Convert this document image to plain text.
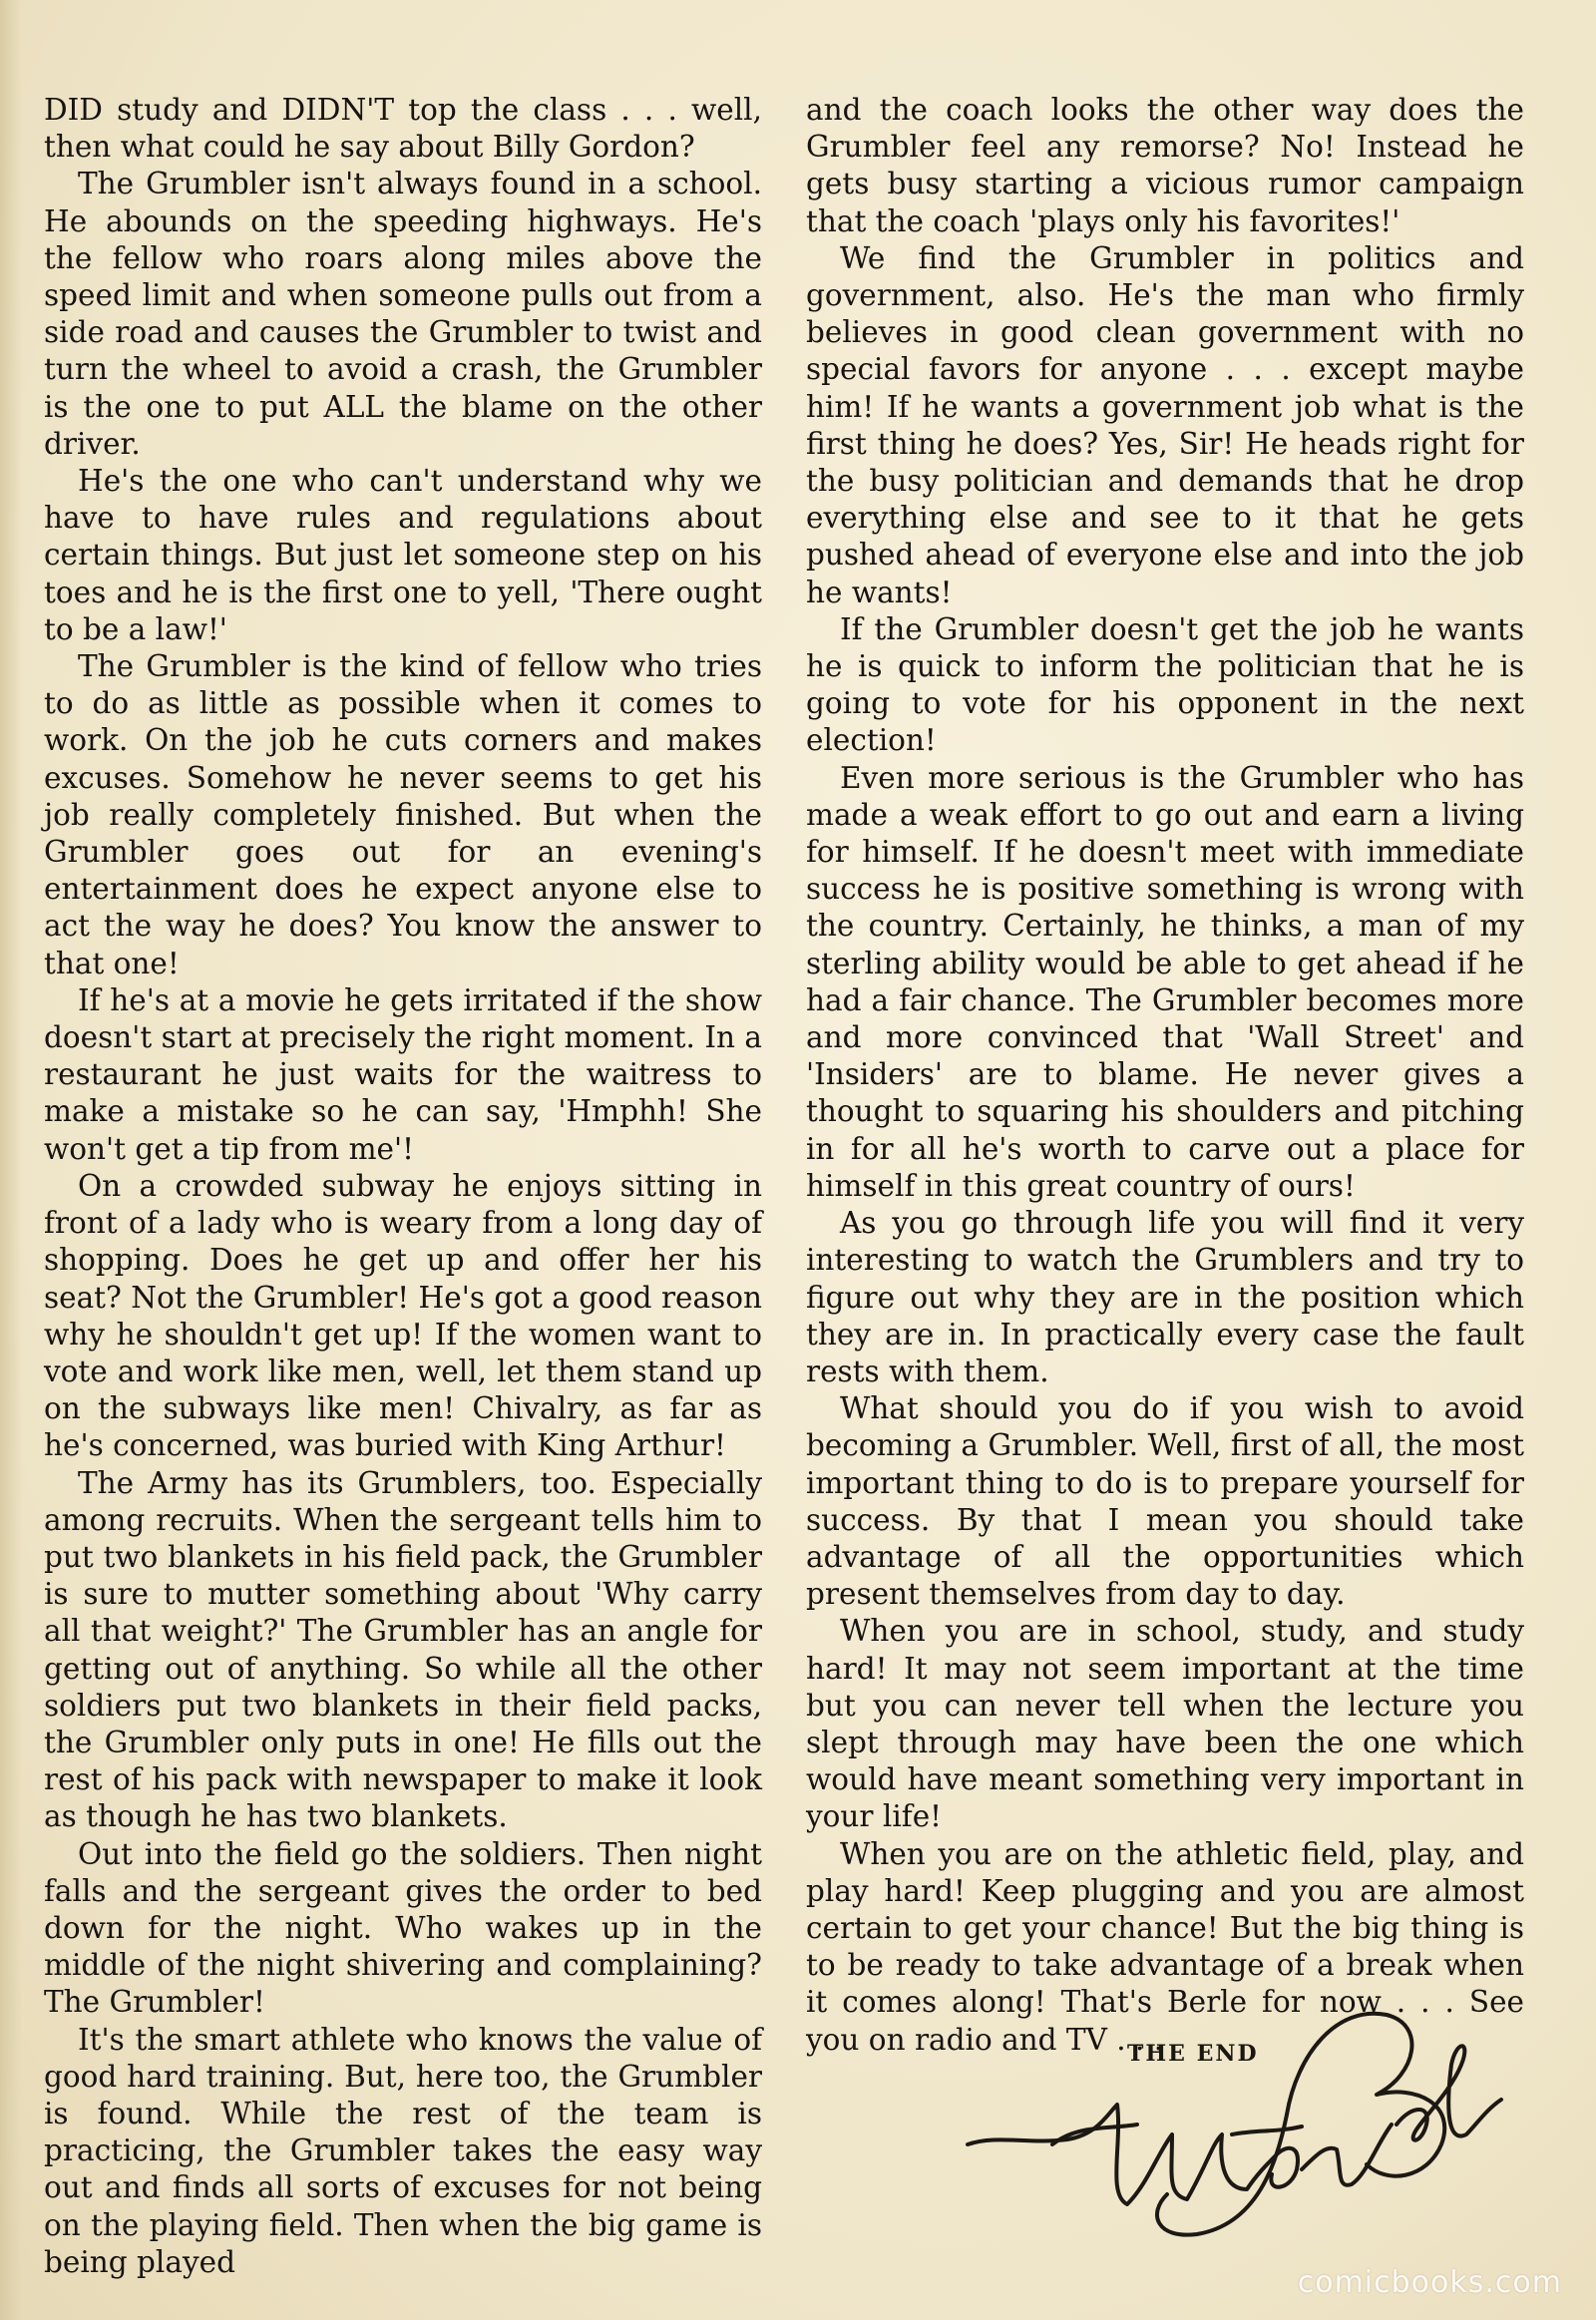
DID study and DIDN'T top the class . . . well, then what could he say about Billy Gordon?

The Grumbler isn't always found in a school. He abounds on the speeding highways. He's the fellow who roars along miles above the speed limit and when someone pulls out from a side road and causes the Grumbler to twist and turn the wheel to avoid a crash, the Grumbler is the one to put ALL the blame on the other driver.

He's the one who can't understand why we have to have rules and regulations about certain things. But just let someone step on his toes and he is the first one to yell, 'There ought to be a law!'

The Grumbler is the kind of fellow who tries to do as little as possible when it comes to work. On the job he cuts corners and makes excuses. Somehow he never seems to get his job really completely finished. But when the Grumbler goes out for an evening's entertainment does he expect anyone else to act the way he does? You know the answer to that one!

If he's at a movie he gets irritated if the show doesn't start at precisely the right moment. In a restaurant he just waits for the waitress to make a mistake so he can say, 'Hmphh! She won't get a tip from me'!

On a crowded subway he enjoys sitting in front of a lady who is weary from a long day of shopping. Does he get up and offer her his seat? Not the Grumbler! He's got a good reason why he shouldn't get up! If the women want to vote and work like men, well, let them stand up on the subways like men! Chivalry, as far as he's concerned, was buried with King Arthur!

The Army has its Grumblers, too. Especially among recruits. When the sergeant tells him to put two blankets in his field pack, the Grumbler is sure to mutter something about 'Why carry all that weight?' The Grumbler has an angle for getting out of anything. So while all the other soldiers put two blankets in their field packs, the Grumbler only puts in one! He fills out the rest of his pack with newspaper to make it look as though he has two blankets.

Out into the field go the soldiers. Then night falls and the sergeant gives the order to bed down for the night. Who wakes up in the middle of the night shivering and complaining? The Grumbler!

It's the smart athlete who knows the value of good hard training. But, here too, the Grumbler is found. While the rest of the team is practicing, the Grumbler takes the easy way out and finds all sorts of excuses for not being on the playing field. Then when the big game is being played

and the coach looks the other way does the Grumbler feel any remorse? No! Instead he gets busy starting a vicious rumor campaign that the coach 'plays only his favorites!'

We find the Grumbler in politics and government, also. He's the man who firmly believes in good clean government with no special favors for anyone . . . except maybe him! If he wants a government job what is the first thing he does? Yes, Sir! He heads right for the busy politician and demands that he drop everything else and see to it that he gets pushed ahead of everyone else and into the job he wants!

If the Grumbler doesn't get the job he wants he is quick to inform the politician that he is going to vote for his opponent in the next election!

Even more serious is the Grumbler who has made a weak effort to go out and earn a living for himself. If he doesn't meet with immediate success he is positive something is wrong with the country. Certainly, he thinks, a man of my sterling ability would be able to get ahead if he had a fair chance. The Grumbler becomes more and more convinced that 'Wall Street' and 'Insiders' are to blame. He never gives a thought to squaring his shoulders and pitching in for all he's worth to carve out a place for himself in this great country of ours!

As you go through life you will find it very interesting to watch the Grumblers and try to figure out why they are in the position which they are in. In practically every case the fault rests with them.

What should you do if you wish to avoid becoming a Grumbler. Well, first of all, the most important thing to do is to prepare yourself for success. By that I mean you should take advantage of all the opportunities which present themselves from day to day.

When you are in school, study, and study hard! It may not seem important at the time but you can never tell when the lecture you slept through may have been the one which would have meant something very important in your life!

When you are on the athletic field, play, and play hard! Keep plugging and you are almost certain to get your chance! But the big thing is to be ready to take advantage of a break when it comes along! That's Berle for now . . . See you on radio and TV . . .

THE END
comicbooks.com
